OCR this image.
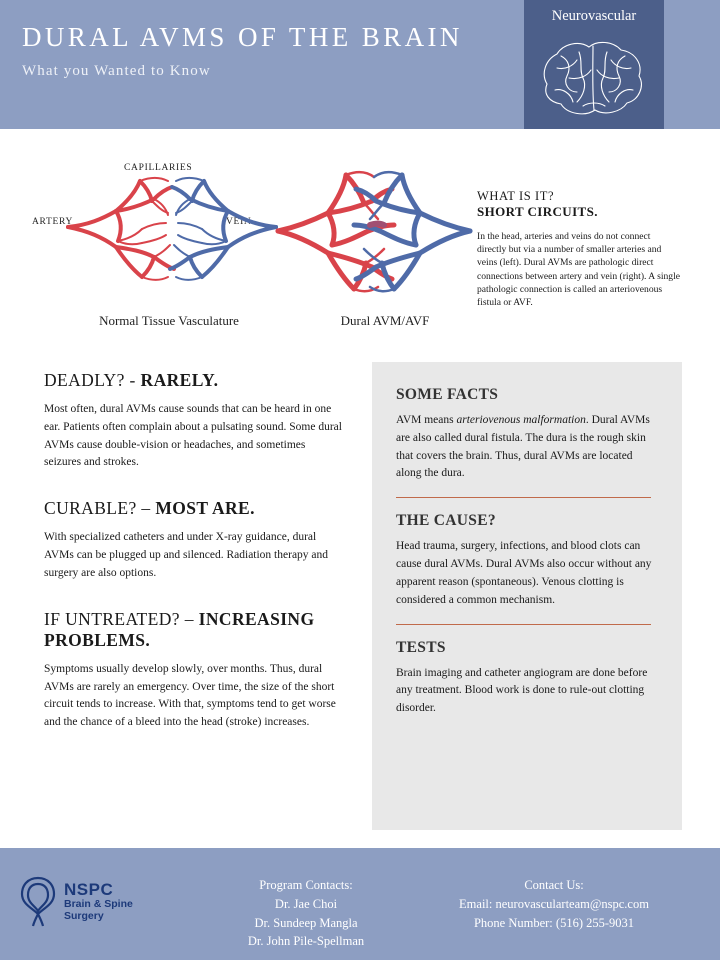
DURAL AVMS OF THE BRAIN
What you Wanted to Know
Neurovascular
CAPILLARIES
ARTERY	VEIN
Normal Tissue Vasculature	Dural AVM/AVF
WHAT IS IT?
SHORT CIRCUITS.
In the head, arteries and veins do not connect directly but via a number of smaller arteries and veins (left). Dural AVMs are pathologic direct connections between artery and vein (right). A single pathologic connection is called an arteriovenous fistula or AVF.
DEADLY? - RARELY.

Most often, dural AVMs cause sounds that can be heard in one ear. Patients often complain about a pulsating sound. Some dural AVMs cause double-vision or headaches, and sometimes seizures and strokes.

CURABLE? – MOST ARE.

With specialized catheters and under X-ray guidance, dural AVMs can be plugged up and silenced. Radiation therapy and surgery are also options.

IF UNTREATED? – INCREASING PROBLEMS.

Symptoms usually develop slowly, over months. Thus, dural AVMs are rarely an emergency. Over time, the size of the short circuit tends to increase. With that, symptoms tend to get worse and the chance of a bleed into the head (stroke) increases.

SOME FACTS

AVM means arteriovenous malformation. Dural AVMs are also called dural fistula. The dura is the rough skin that covers the brain. Thus, dural AVMs are located along the dura.

THE CAUSE?

Head trauma, surgery, infections, and blood clots can cause dural AVMs. Dural AVMs also occur without any apparent reason (spontaneous). Venous clotting is considered a common mechanism.

TESTS

Brain imaging and catheter angiogram are done before any treatment. Blood work is done to rule-out clotting disorder.

NSPC
Brain & Spine
Surgery
Program Contacts:
Dr. Jae Choi
Dr. Sundeep Mangla
Dr. John Pile-Spellman
Contact Us:
Email: neurovascularteam@nspc.com
Phone Number: (516) 255-9031
